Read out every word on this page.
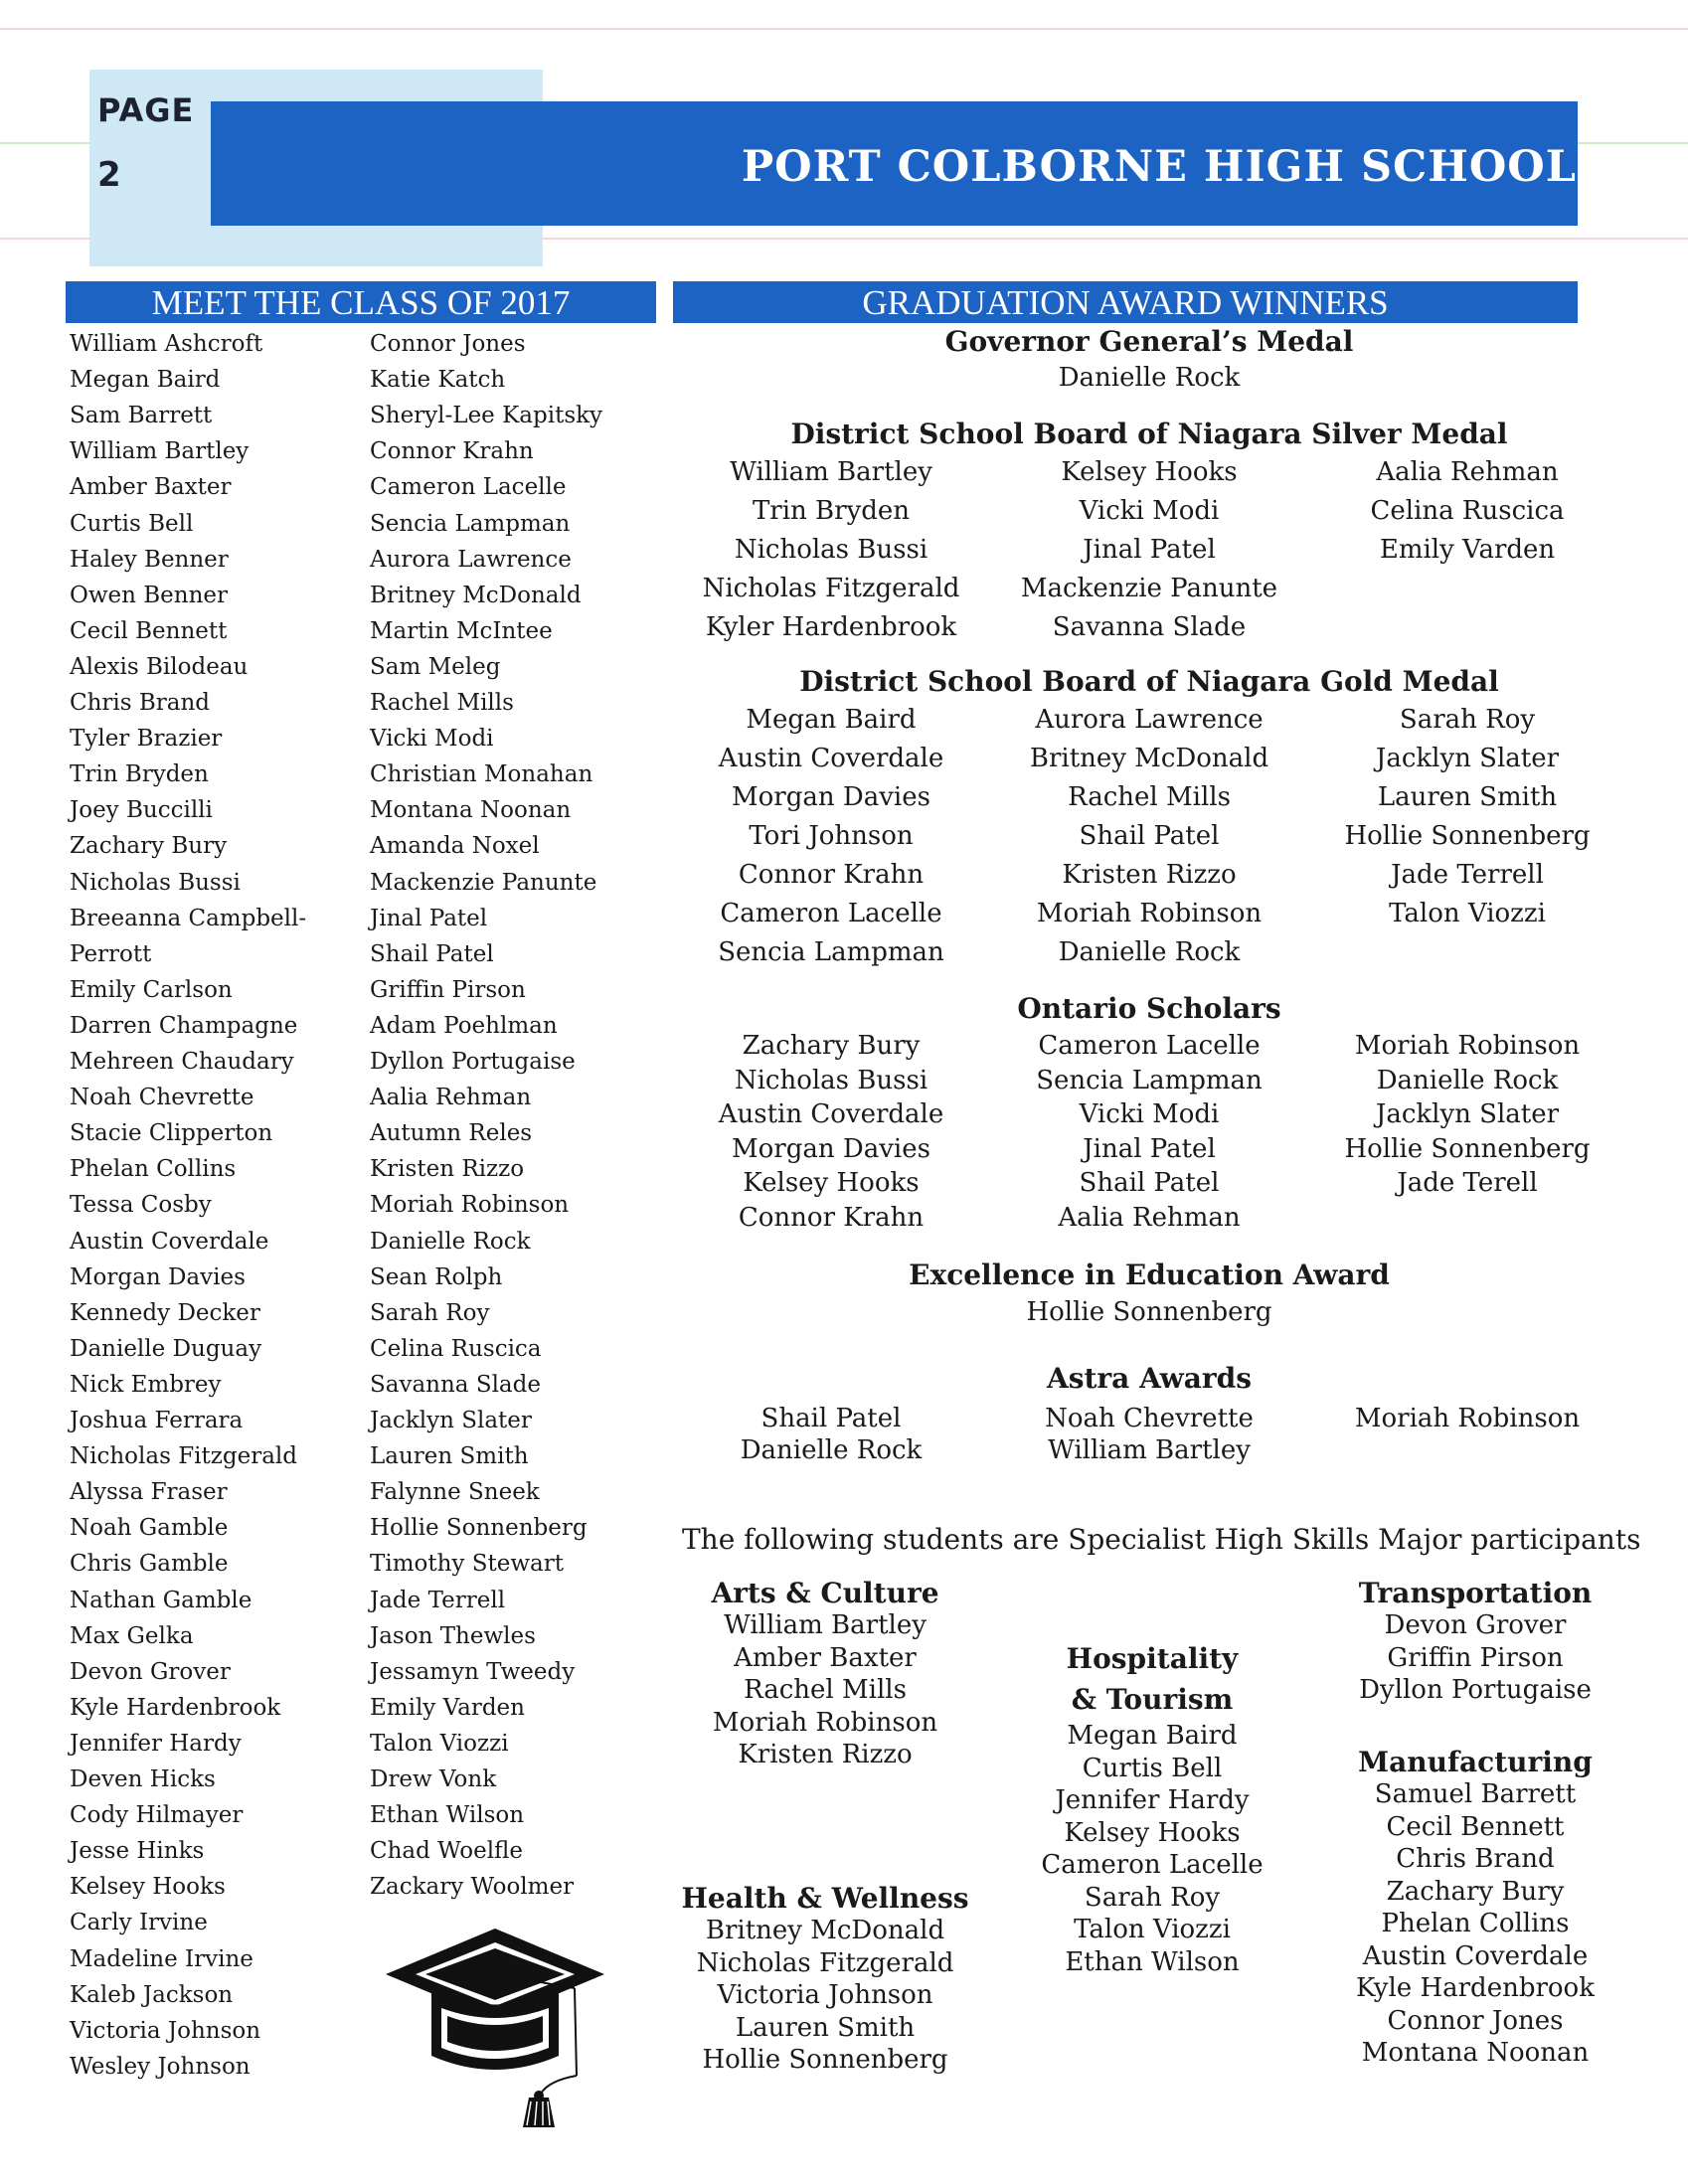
PORT COLBORNE HIGH SCHOOL
PAGE
2
MEET THE CLASS OF 2017	GRADUATION AWARD WINNERS
William Ashcroft
Megan Baird
Sam Barrett
William Bartley
Amber Baxter
Curtis Bell
Haley Benner
Owen Benner
Cecil Bennett
Alexis Bilodeau
Chris Brand
Tyler Brazier
Trin Bryden
Joey Buccilli
Zachary Bury
Nicholas Bussi
Breeanna Campbell-
Perrott
Emily Carlson
Darren Champagne
Mehreen Chaudary
Noah Chevrette
Stacie Clipperton
Phelan Collins
Tessa Cosby
Austin Coverdale
Morgan Davies
Kennedy Decker
Danielle Duguay
Nick Embrey
Joshua Ferrara
Nicholas Fitzgerald
Alyssa Fraser
Noah Gamble
Chris Gamble
Nathan Gamble
Max Gelka
Devon Grover
Kyle Hardenbrook
Jennifer Hardy
Deven Hicks
Cody Hilmayer
Jesse Hinks
Kelsey Hooks
Carly Irvine
Madeline Irvine
Kaleb Jackson
Victoria Johnson
Wesley Johnson
Connor Jones
Katie Katch
Sheryl-Lee Kapitsky
Connor Krahn
Cameron Lacelle
Sencia Lampman
Aurora Lawrence
Britney McDonald
Martin McIntee
Sam Meleg
Rachel Mills
Vicki Modi
Christian Monahan
Montana Noonan
Amanda Noxel
Mackenzie Panunte
Jinal Patel
Shail Patel
Griffin Pirson
Adam Poehlman
Dyllon Portugaise
Aalia Rehman
Autumn Reles
Kristen Rizzo
Moriah Robinson
Danielle Rock
Sean Rolph
Sarah Roy
Celina Ruscica
Savanna Slade
Jacklyn Slater
Lauren Smith
Falynne Sneek
Hollie Sonnenberg
Timothy Stewart
Jade Terrell
Jason Thewles
Jessamyn Tweedy
Emily Varden
Talon Viozzi
Drew Vonk
Ethan Wilson
Chad Woelfle
Zackary Woolmer
Governor General’s Medal
Danielle Rock
District School Board of Niagara Silver Medal
William Bartley
Trin Bryden
Nicholas Bussi
Nicholas Fitzgerald
Kyler Hardenbrook
Kelsey Hooks
Vicki Modi
Jinal Patel
Mackenzie Panunte
Savanna Slade
Aalia Rehman
Celina Ruscica
Emily Varden
District School Board of Niagara Gold Medal
Megan Baird
Austin Coverdale
Morgan Davies
Tori Johnson
Connor Krahn
Cameron Lacelle
Sencia Lampman
Aurora Lawrence
Britney McDonald
Rachel Mills
Shail Patel
Kristen Rizzo
Moriah Robinson
Danielle Rock
Sarah Roy
Jacklyn Slater
Lauren Smith
Hollie Sonnenberg
Jade Terrell
Talon Viozzi
Ontario Scholars
Zachary Bury
Nicholas Bussi
Austin Coverdale
Morgan Davies
Kelsey Hooks
Connor Krahn
Cameron Lacelle
Sencia Lampman
Vicki Modi
Jinal Patel
Shail Patel
Aalia Rehman
Moriah Robinson
Danielle Rock
Jacklyn Slater
Hollie Sonnenberg
Jade Terell
Excellence in Education Award
Hollie Sonnenberg
Astra Awards
Shail Patel
Danielle Rock
Noah Chevrette
William Bartley
Moriah Robinson
The following students are Specialist High Skills Major participants
Arts & Culture
William Bartley
Amber Baxter
Rachel Mills
Moriah Robinson
Kristen Rizzo
Health & Wellness
Britney McDonald
Nicholas Fitzgerald
Victoria Johnson
Lauren Smith
Hollie Sonnenberg
Hospitality
& Tourism
Megan Baird
Curtis Bell
Jennifer Hardy
Kelsey Hooks
Cameron Lacelle
Sarah Roy
Talon Viozzi
Ethan Wilson
Transportation
Devon Grover
Griffin Pirson
Dyllon Portugaise
Manufacturing
Samuel Barrett
Cecil Bennett
Chris Brand
Zachary Bury
Phelan Collins
Austin Coverdale
Kyle Hardenbrook
Connor Jones
Montana Noonan
